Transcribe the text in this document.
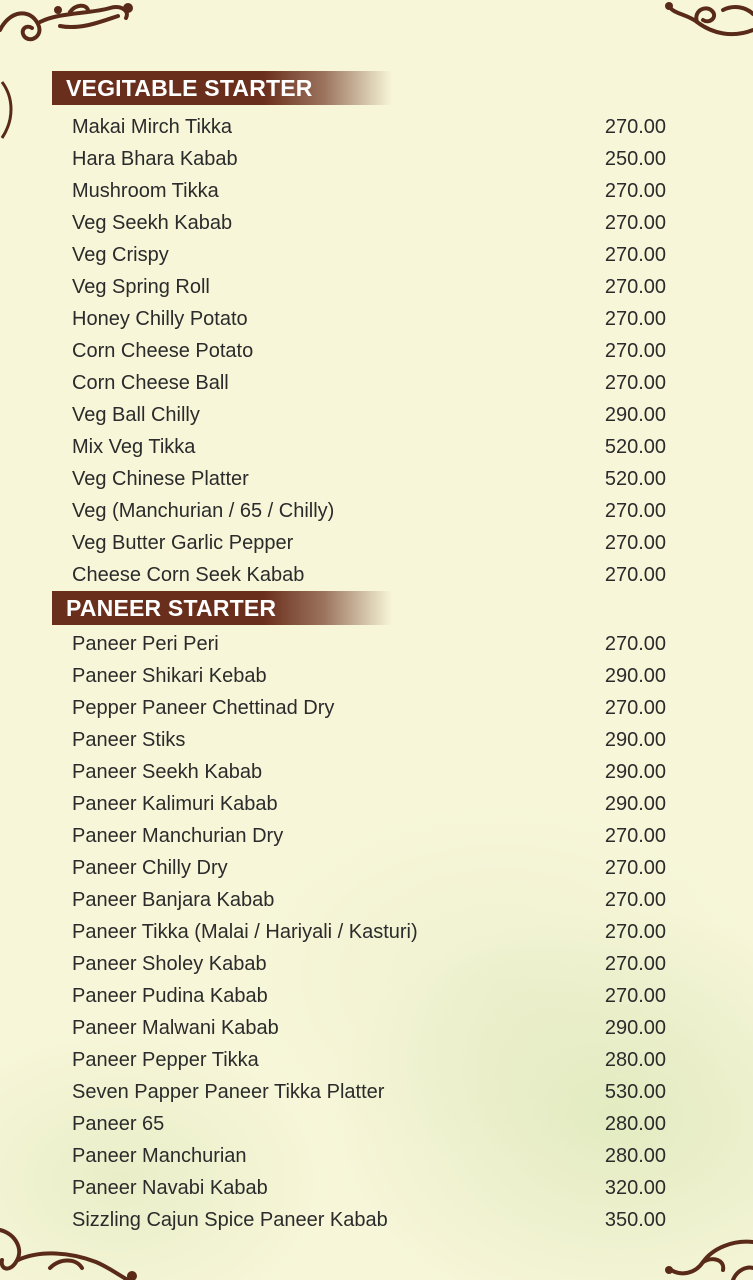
VEGITABLE STARTER
Makai Mirch Tikka	270.00
Hara Bhara Kabab	250.00
Mushroom Tikka	270.00
Veg Seekh Kabab	270.00
Veg Crispy	270.00
Veg Spring Roll	270.00
Honey Chilly Potato	270.00
Corn Cheese Potato	270.00
Corn Cheese Ball	270.00
Veg Ball Chilly	290.00
Mix Veg Tikka	520.00
Veg Chinese Platter	520.00
Veg (Manchurian / 65 / Chilly)	270.00
Veg Butter Garlic Pepper	270.00
Cheese Corn Seek Kabab	270.00
PANEER STARTER
Paneer Peri Peri	270.00
Paneer Shikari Kebab	290.00
Pepper Paneer Chettinad Dry	270.00
Paneer Stiks	290.00
Paneer Seekh Kabab	290.00
Paneer Kalimuri Kabab	290.00
Paneer Manchurian Dry	270.00
Paneer Chilly Dry	270.00
Paneer Banjara Kabab	270.00
Paneer Tikka (Malai / Hariyali / Kasturi)	270.00
Paneer Sholey Kabab	270.00
Paneer Pudina Kabab	270.00
Paneer Malwani Kabab	290.00
Paneer Pepper Tikka	280.00
Seven Papper Paneer Tikka Platter	530.00
Paneer 65	280.00
Paneer Manchurian	280.00
Paneer Navabi Kabab	320.00
Sizzling Cajun Spice Paneer Kabab	350.00
